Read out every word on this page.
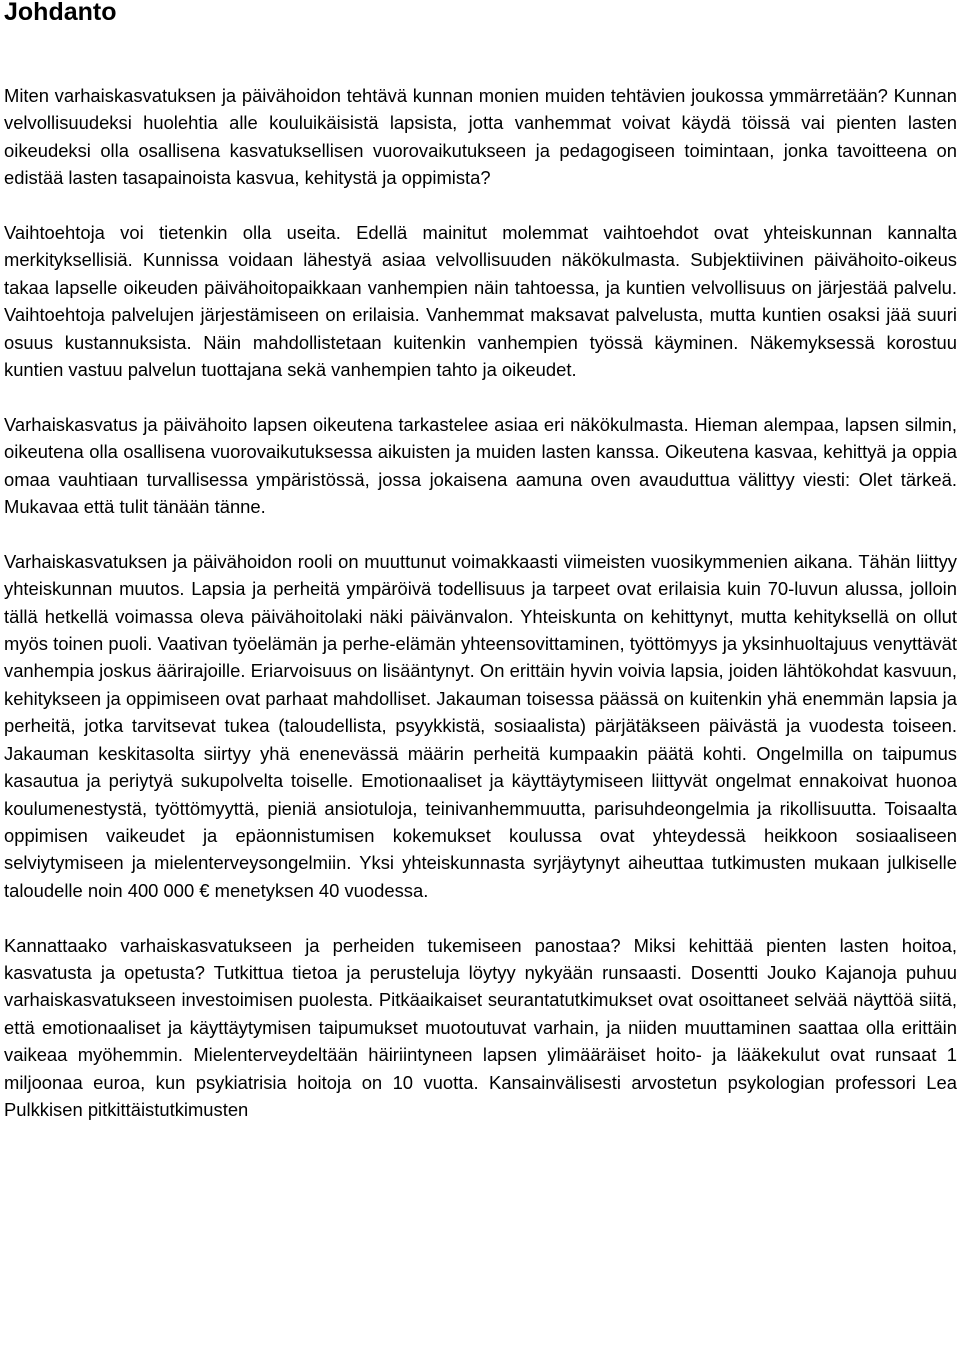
Johdanto

Miten varhaiskasvatuksen ja päivähoidon tehtävä kunnan monien muiden tehtävien joukossa ymmärretään? Kunnan velvollisuudeksi huolehtia alle kouluikäisistä lapsista, jotta vanhemmat voivat käydä töissä vai pienten lasten oikeudeksi olla osallisena kasvatuksellisen vuorovaikutukseen ja pedagogiseen toimintaan, jonka tavoitteena on edistää lasten tasapainoista kasvua, kehitystä ja oppimista?

Vaihtoehtoja voi tietenkin olla useita. Edellä mainitut molemmat vaihtoehdot ovat yhteiskunnan kannalta merkityksellisiä. Kunnissa voidaan lähestyä asiaa velvollisuuden näkökulmasta. Subjektiivinen päivähoito-oikeus takaa lapselle oikeuden päivähoitopaikkaan vanhempien näin tahtoessa, ja kuntien velvollisuus on järjestää palvelu. Vaihtoehtoja palvelujen järjestämiseen on erilaisia. Vanhemmat maksavat palvelusta, mutta kuntien osaksi jää suuri osuus kustannuksista. Näin mahdollistetaan kuitenkin vanhempien työssä käyminen. Näkemyksessä korostuu kuntien vastuu palvelun tuottajana sekä vanhempien tahto ja oikeudet.

Varhaiskasvatus ja päivähoito lapsen oikeutena tarkastelee asiaa eri näkökulmasta. Hieman alempaa, lapsen silmin, oikeutena olla osallisena vuorovaikutuksessa aikuisten ja muiden lasten kanssa. Oikeutena kasvaa, kehittyä ja oppia omaa vauhtiaan turvallisessa ympäristössä, jossa jokaisena aamuna oven avauduttua välittyy viesti: Olet tärkeä. Mukavaa että tulit tänään tänne.

Varhaiskasvatuksen ja päivähoidon rooli on muuttunut voimakkaasti viimeisten vuosikymmenien aikana. Tähän liittyy yhteiskunnan muutos. Lapsia ja perheitä ympäröivä todellisuus ja tarpeet ovat erilaisia kuin 70-luvun alussa, jolloin tällä hetkellä voimassa oleva päivähoitolaki näki päivänvalon. Yhteiskunta on kehittynyt, mutta kehityksellä on ollut myös toinen puoli. Vaativan työelämän ja perhe-elämän yhteensovittaminen, työttömyys ja yksinhuoltajuus venyttävät vanhempia joskus äärirajoille. Eriarvoisuus on lisääntynyt. On erittäin hyvin voivia lapsia, joiden lähtökohdat kasvuun, kehitykseen ja oppimiseen ovat parhaat mahdolliset. Jakauman toisessa päässä on kuitenkin yhä enemmän lapsia ja perheitä, jotka tarvitsevat tukea (taloudellista, psyykkistä, sosiaalista) pärjätäkseen päivästä ja vuodesta toiseen. Jakauman keskitasolta siirtyy yhä enenevässä määrin perheitä kumpaakin päätä kohti. Ongelmilla on taipumus kasautua ja periytyä sukupolvelta toiselle. Emotionaaliset ja käyttäytymiseen liittyvät ongelmat ennakoivat huonoa koulumenestystä, työttömyyttä, pieniä ansiotuloja, teinivanhemmuutta, parisuhdeongelmia ja rikollisuutta. Toisaalta oppimisen vaikeudet ja epäonnistumisen kokemukset koulussa ovat yhteydessä heikkoon sosiaaliseen selviytymiseen ja mielenterveysongelmiin. Yksi yhteiskunnasta syrjäytynyt aiheuttaa tutkimusten mukaan julkiselle taloudelle noin 400 000 € menetyksen 40 vuodessa.

Kannattaako varhaiskasvatukseen ja perheiden tukemiseen panostaa? Miksi kehittää pienten lasten hoitoa, kasvatusta ja opetusta? Tutkittua tietoa ja perusteluja löytyy nykyään runsaasti. Dosentti Jouko Kajanoja puhuu varhaiskasvatukseen investoimisen puolesta. Pitkäaikaiset seurantatutkimukset ovat osoittaneet selvää näyttöä siitä, että emotionaaliset ja käyttäytymisen taipumukset muotoutuvat varhain, ja niiden muuttaminen saattaa olla erittäin vaikeaa myöhemmin. Mielenterveydeltään häiriintyneen lapsen ylimääräiset hoito- ja lääkekulut ovat runsaat 1 miljoonaa euroa, kun psykiatrisia hoitoja on 10 vuotta. Kansainvälisesti arvostetun psykologian professori Lea Pulkkisen pitkittäistutkimusten
